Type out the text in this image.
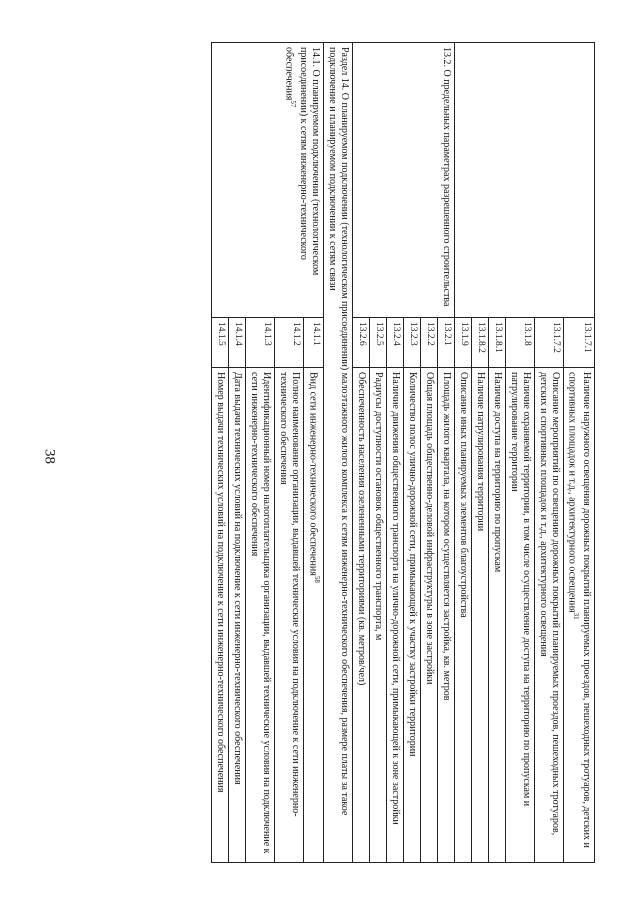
38
	13.1.7.1	Наличие наружного освещения дорожных покрытий планируемых проездов, пешеходных тротуаров, детских и спортивных площадок и т.д., архитектурного освещения$^{31}$
	13.1.7.2	Описание мероприятий по освещению дорожных покрытий планируемых проездов, пешеходных тротуаров, детских и спортивных площадок и т.д., архитектурного освещения
	13.1.8	Наличие охраняемой территории, в том числе осуществление доступа на территорию по пропускам и патрулирование территории
	13.1.8.1	Наличие доступа на территорию по пропускам
	13.1.8.2	Наличие патрулирования территории
	13.1.9	Описание иных планируемых элементов благоустройства
13.2. О предельных параметрах разрешенного строительства	13.2.1	Площадь жилого квартала, на котором осуществляется застройка, кв. метров
	13.2.2	Общая площадь общественно-деловой инфраструктуры в зоне застройки
	13.2.3	Количество полос улично-дорожной сети, примыкающей к участку застройки территории
	13.2.4	Наличие движения общественного транспорта на улично-дорожной сети, примыкающей к зоне застройки
	13.2.5	Радиусы доступности остановок общественного транспорта, м
	13.2.6	Обеспеченность населения озелененными территориями (кв. метров/чел)
Раздел 14. О планируемом подключении (технологическом присоединении) малоэтажного жилого комплекса к сетям инженерно-технического обеспечения, размере платы за такое подключение и планируемом подключении к сетям связи		
14.1. О планируемом подключении (технологическом присоединении) к сетям инженерно-технического обеспечения$^{57}$	14.1.1	Вид сети инженерно-технического обеспечения$^{58}$
	14.1.2	Полное наименование организации, выдавшей технические условия на подключение к сети инженерно-технического обеспечения
	14.1.3	Идентификационный номер налогоплательщика организации, выдавшей технические условия на подключение к сети инженерно-технического обеспечения
	14.1.4	Дата выдачи технических условий на подключение к сети инженерно-технического обеспечения
	14.1.5	Номер выдачи технических условий на подключение к сети инженерно-технического обеспечения
